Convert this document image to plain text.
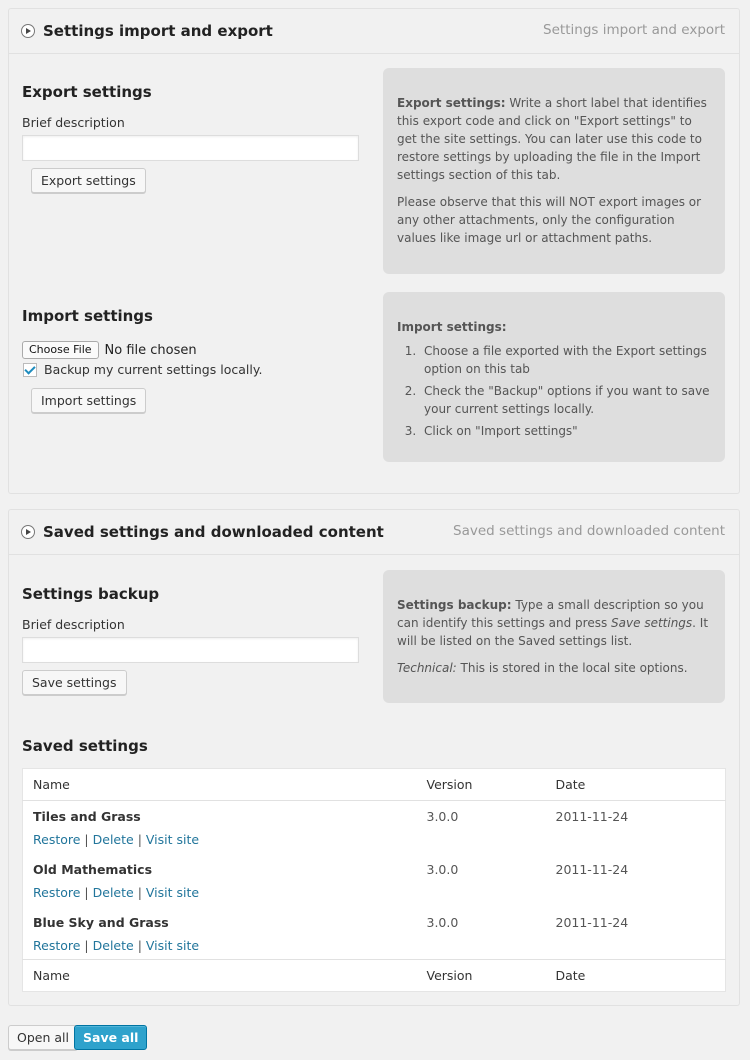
Settings import and export	Settings import and export
Export settings
Brief description
Export settings

Export settings: Write a short label that identifies this export code and click on "Export settings" to get the site settings. You can later use this code to restore settings by uploading the file in the Import settings section of this tab.

Please observe that this will NOT export images or any other attachments, only the configuration values like image url or attachment paths.

Import settings
Choose File	No file chosen
Backup my current settings locally.
Import settings

Import settings:

1. Choose a file exported with the Export settings option on this tab
2. Check the "Backup" options if you want to save your current settings locally.
3. Click on "Import settings"
Saved settings and downloaded content	Saved settings and downloaded content
Settings backup
Brief description
Save settings

Settings backup: Type a small description so you can identify this settings and press Save settings. It will be listed on the Saved settings list.

Technical: This is stored in the local site options.

Saved settings
Name	Version	Date

Tiles and Grass
Restore | Delete | Visit site	3.0.0	2011-11-24

Old Mathematics
Restore | Delete | Visit site	3.0.0	2011-11-24

Blue Sky and Grass
Restore | Delete | Visit site	3.0.0	2011-11-24
Name	Version	Date
Open all	Save all
